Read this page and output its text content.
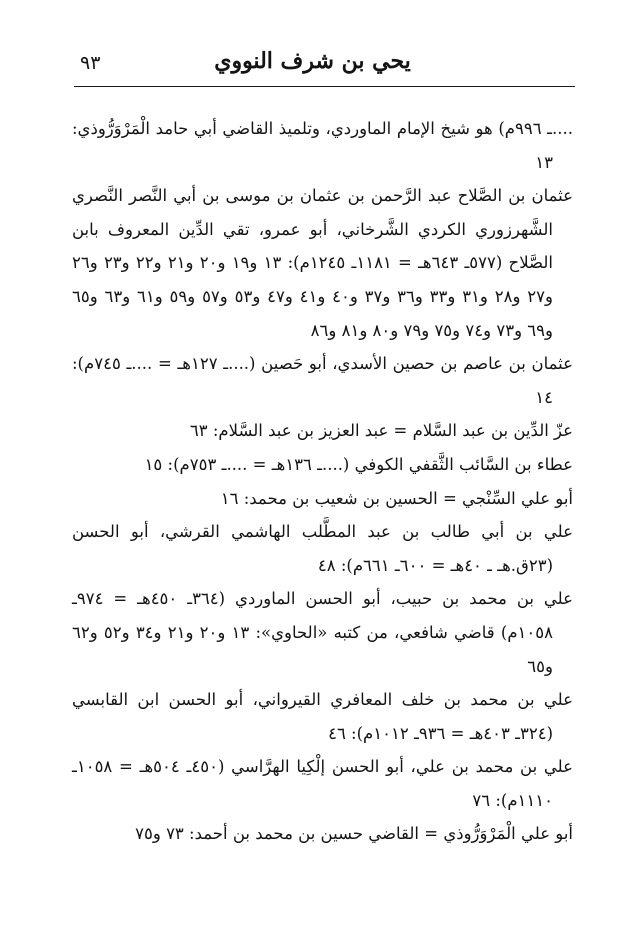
٩٣	يحي بن شرف النووي
....ـ ٩٩٦م) هو شيخ الإمام الماوردي، وتلميذ القاضي أبي حامد الْمَرْوَرُّوذي: ١٣
عثمان بن الصَّلاح عبد الرَّحمن بن عثمان بن موسى بن أبي النَّصر النَّصري الشَّهرزوري الكردي الشَّرخاني، أبو عمرو، تقي الدِّين المعروف بابن الصَّلاح (٥٧٧ـ ٦٤٣هـ = ١١٨١ـ ١٢٤٥م): ١٣ و١٩ و٢٠ و٢١ و٢٢ و٢٣ و٢٦ و٢٧ و٢٨ و٣١ و٣٣ و٣٦ و٣٧ و٤٠ و٤١ و٤٧ و٥٣ و٥٧ و٥٩ و٦١ و٦٣ و٦٥ و٦٩ و٧٣ و٧٤ و٧٥ و٧٩ و٨٠ و٨١ و٨٦
عثمان بن عاصم بن حصين الأسدي، أبو حَصين (....ـ ١٢٧هـ = ....ـ ٧٤٥م): ١٤
عزّ الدِّين بن عبد السَّلام = عبد العزيز بن عبد السَّلام: ٦٣
عطاء بن السَّائب الثَّقفي الكوفي (....ـ ١٣٦هـ = ....ـ ٧٥٣م): ١٥
أبو علي السِّنْجي = الحسين بن شعيب بن محمد: ١٦
علي بن أبي طالب بن عبد المطَّلب الهاشمي القرشي، أبو الحسن (٢٣ق.هـ ـ ٤٠هـ = ٦٠٠ـ ٦٦١م): ٤٨
علي بن محمد بن حبيب، أبو الحسن الماوردي (٣٦٤ـ ٤٥٠هـ = ٩٧٤ـ ١٠٥٨م) قاضي شافعي، من كتبه «الحاوي»: ١٣ و٢٠ و٢١ و٣٤ و٥٢ و٦٢ و٦٥
علي بن محمد بن خلف المعافري القيرواني، أبو الحسن ابن القابسي (٣٢٤ـ ٤٠٣هـ = ٩٣٦ـ ١٠١٢م): ٤٦
علي بن محمد بن علي، أبو الحسن إلْكِيا الهرَّاسي (٤٥٠ـ ٥٠٤هـ = ١٠٥٨ـ ١١١٠م): ٧٦
أبو علي الْمَرْوَرُّوذي = القاضي حسين بن محمد بن أحمد: ٧٣ و٧٥
